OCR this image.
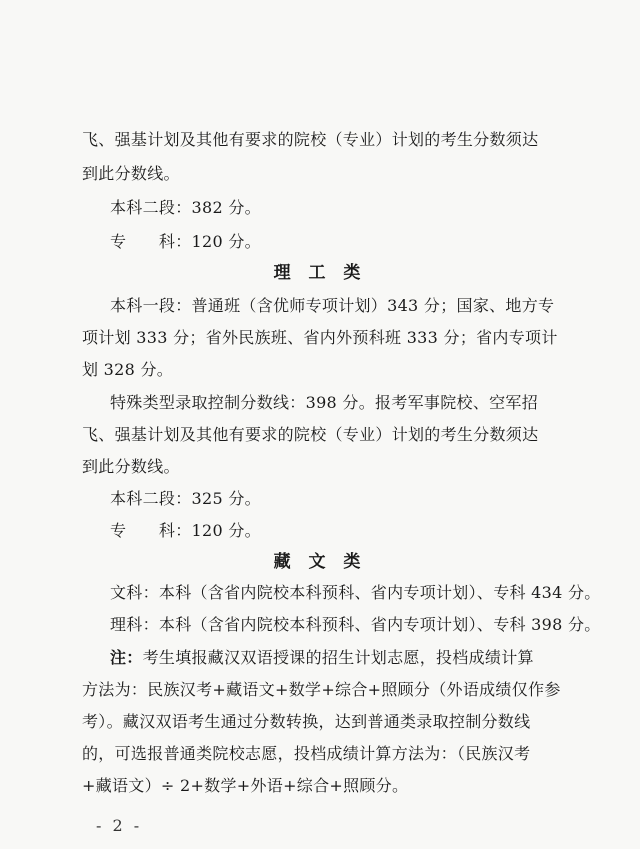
飞、强基计划及其他有要求的院校（专业）计划的考生分数须达
到此分数线。
本科二段：382 分。
专　　科：120 分。
理 工 类
本科一段：普通班（含优师专项计划）343 分；国家、地方专
项计划 333 分；省外民族班、省内外预科班 333 分；省内专项计
划 328 分。
特殊类型录取控制分数线：398 分。报考军事院校、空军招
飞、强基计划及其他有要求的院校（专业）计划的考生分数须达
到此分数线。
本科二段：325 分。
专　　科：120 分。
藏 文 类
文科：本科（含省内院校本科预科、省内专项计划）、专科 434 分。
理科：本科（含省内院校本科预科、省内专项计划）、专科 398 分。
注：考生填报藏汉双语授课的招生计划志愿，投档成绩计算
方法为：民族汉考+藏语文+数学+综合+照顾分（外语成绩仅作参
考）。藏汉双语考生通过分数转换，达到普通类录取控制分数线
的，可选报普通类院校志愿，投档成绩计算方法为：（民族汉考
+藏语文）÷ 2+数学+外语+综合+照顾分。
- 2 -
